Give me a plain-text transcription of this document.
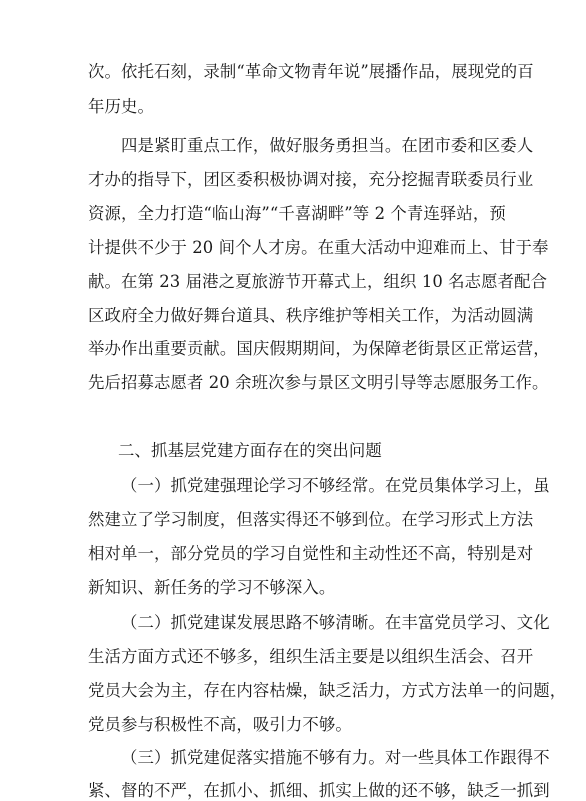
次。依托石刻，录制“革命文物青年说”展播作品，展现党的百
年历史。
四是紧盯重点工作，做好服务勇担当。在团市委和区委人
才办的指导下，团区委积极协调对接，充分挖掘青联委员行业
资源，全力打造“临山海”“千喜湖畔”等 2 个青连驿站，预
计提供不少于 20 间个人才房。在重大活动中迎难而上、甘于奉
献。在第 23 届港之夏旅游节开幕式上，组织 10 名志愿者配合
区政府全力做好舞台道具、秩序维护等相关工作，为活动圆满
举办作出重要贡献。国庆假期期间，为保障老街景区正常运营，
先后招募志愿者 20 余班次参与景区文明引导等志愿服务工作。
二、抓基层党建方面存在的突出问题
（一）抓党建强理论学习不够经常。在党员集体学习上，虽
然建立了学习制度，但落实得还不够到位。在学习形式上方法
相对单一，部分党员的学习自觉性和主动性还不高，特别是对
新知识、新任务的学习不够深入。
（二）抓党建谋发展思路不够清晰。在丰富党员学习、文化
生活方面方式还不够多，组织生活主要是以组织生活会、召开
党员大会为主，存在内容枯燥，缺乏活力，方式方法单一的问题，
党员参与积极性不高，吸引力不够。
（三）抓党建促落实措施不够有力。对一些具体工作跟得不
紧、督的不严，在抓小、抓细、抓实上做的还不够，缺乏一抓到
